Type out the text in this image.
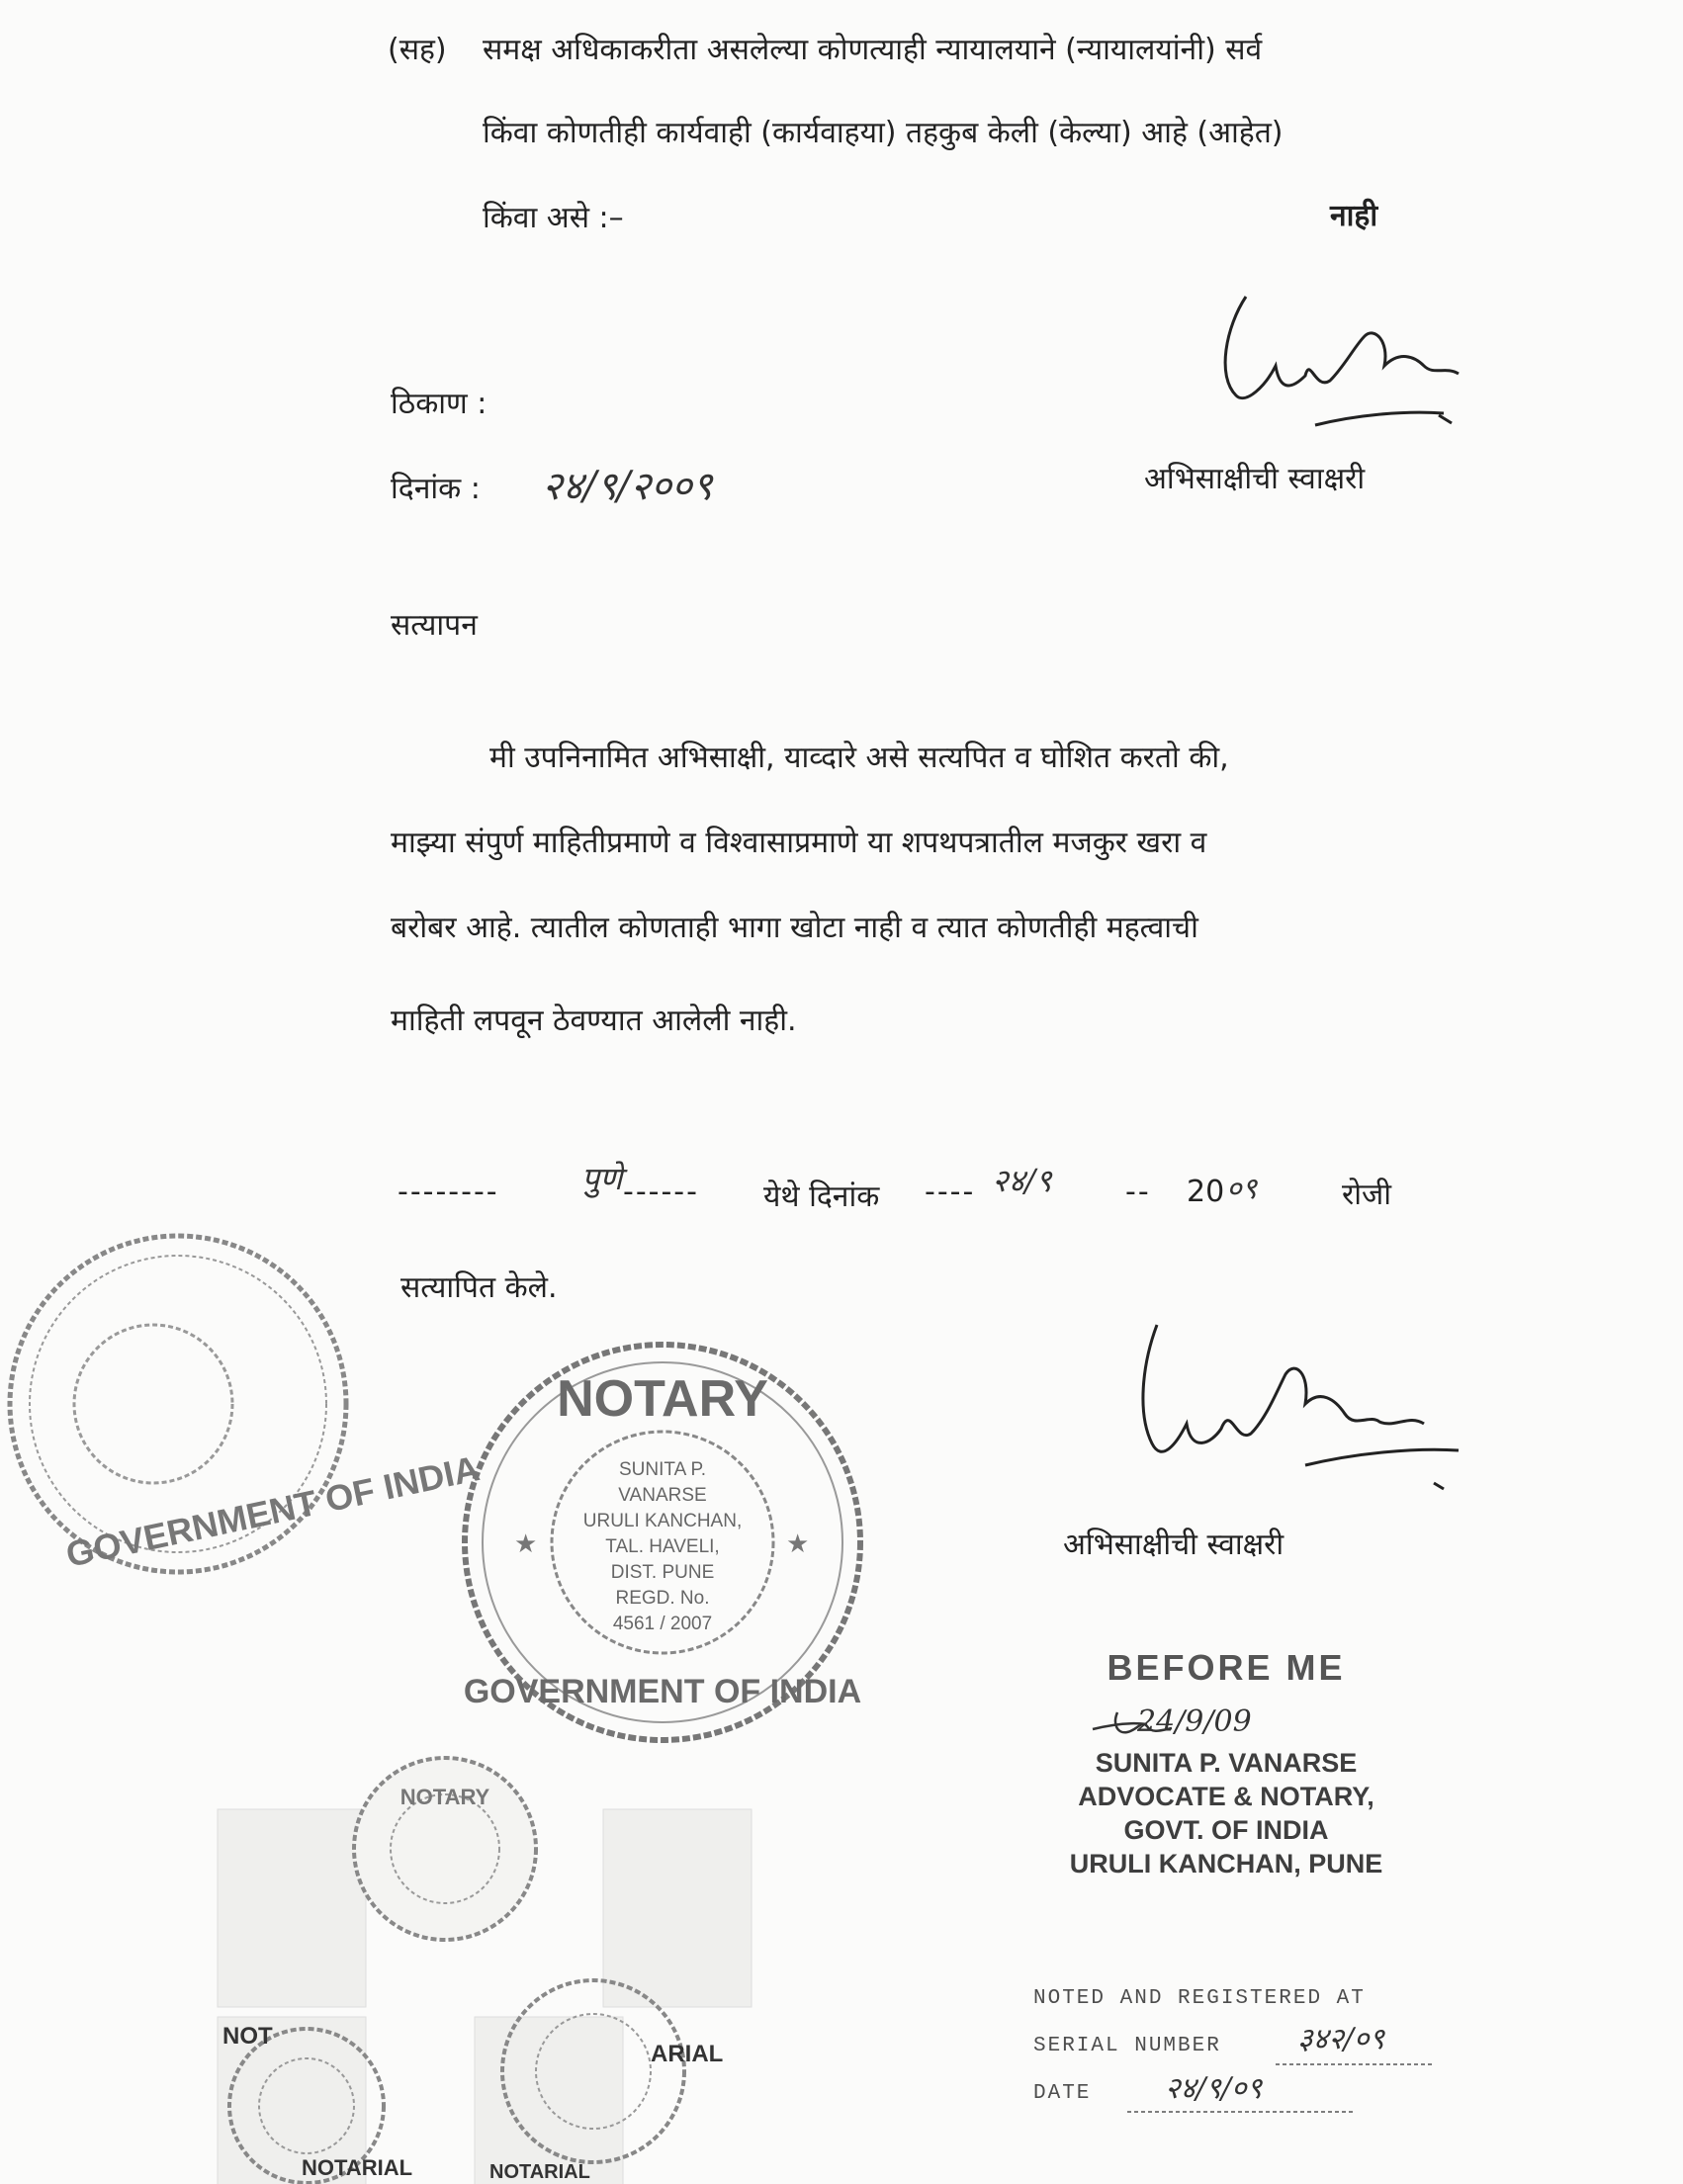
(सह) समक्ष अधिकाकरीता असलेल्या कोणत्याही न्यायालयाने (न्यायालयांनी) सर्व
किंवा कोणतीही कार्यवाही (कार्यवाहया) तहकुब केली (केल्या) आहे (आहेत)
किंवा असे :–	नाही
ठिकाण :
दिनांक : २४/९/२००९	अभिसाक्षीची स्वाक्षरी
सत्यापन
मी उपनिनामित अभिसाक्षी, याव्दारे असे सत्यपित व घोशित करतो की,
माझ्या संपुर्ण माहितीप्रमाणे व विश्वासाप्रमाणे या शपथपत्रातील मजकुर खरा व
बरोबर आहे. त्यातील कोणताही भागा खोटा नाही व त्यात कोणतीही महत्वाची
माहिती लपवून ठेवण्यात आलेली नाही.
--------	पुणे ------ येथे दिनांक ---- २४/९ -- 20 ०९	रोजी
सत्यापित केले.
अभिसाक्षीची स्वाक्षरी
GOVERNMENT OF INDIA
NOTARY
GOVERNMENT OF INDIA
★	★
SUNITA P.
VANARSE
URULI KANCHAN,
TAL. HAVELI,
DIST. PUNE
REGD. No.
4561 / 2007
BEFORE ME
24/9/09
SUNITA P. VANARSE
ADVOCATE & NOTARY,
GOVT. OF INDIA
URULI KANCHAN, PUNE
NOTED AND REGISTERED AT
SERIAL NUMBER	३४२/०९
DATE २४/९/०९
NOTARY
NOT
ARIAL
NOTARIAL	NOTARIAL
